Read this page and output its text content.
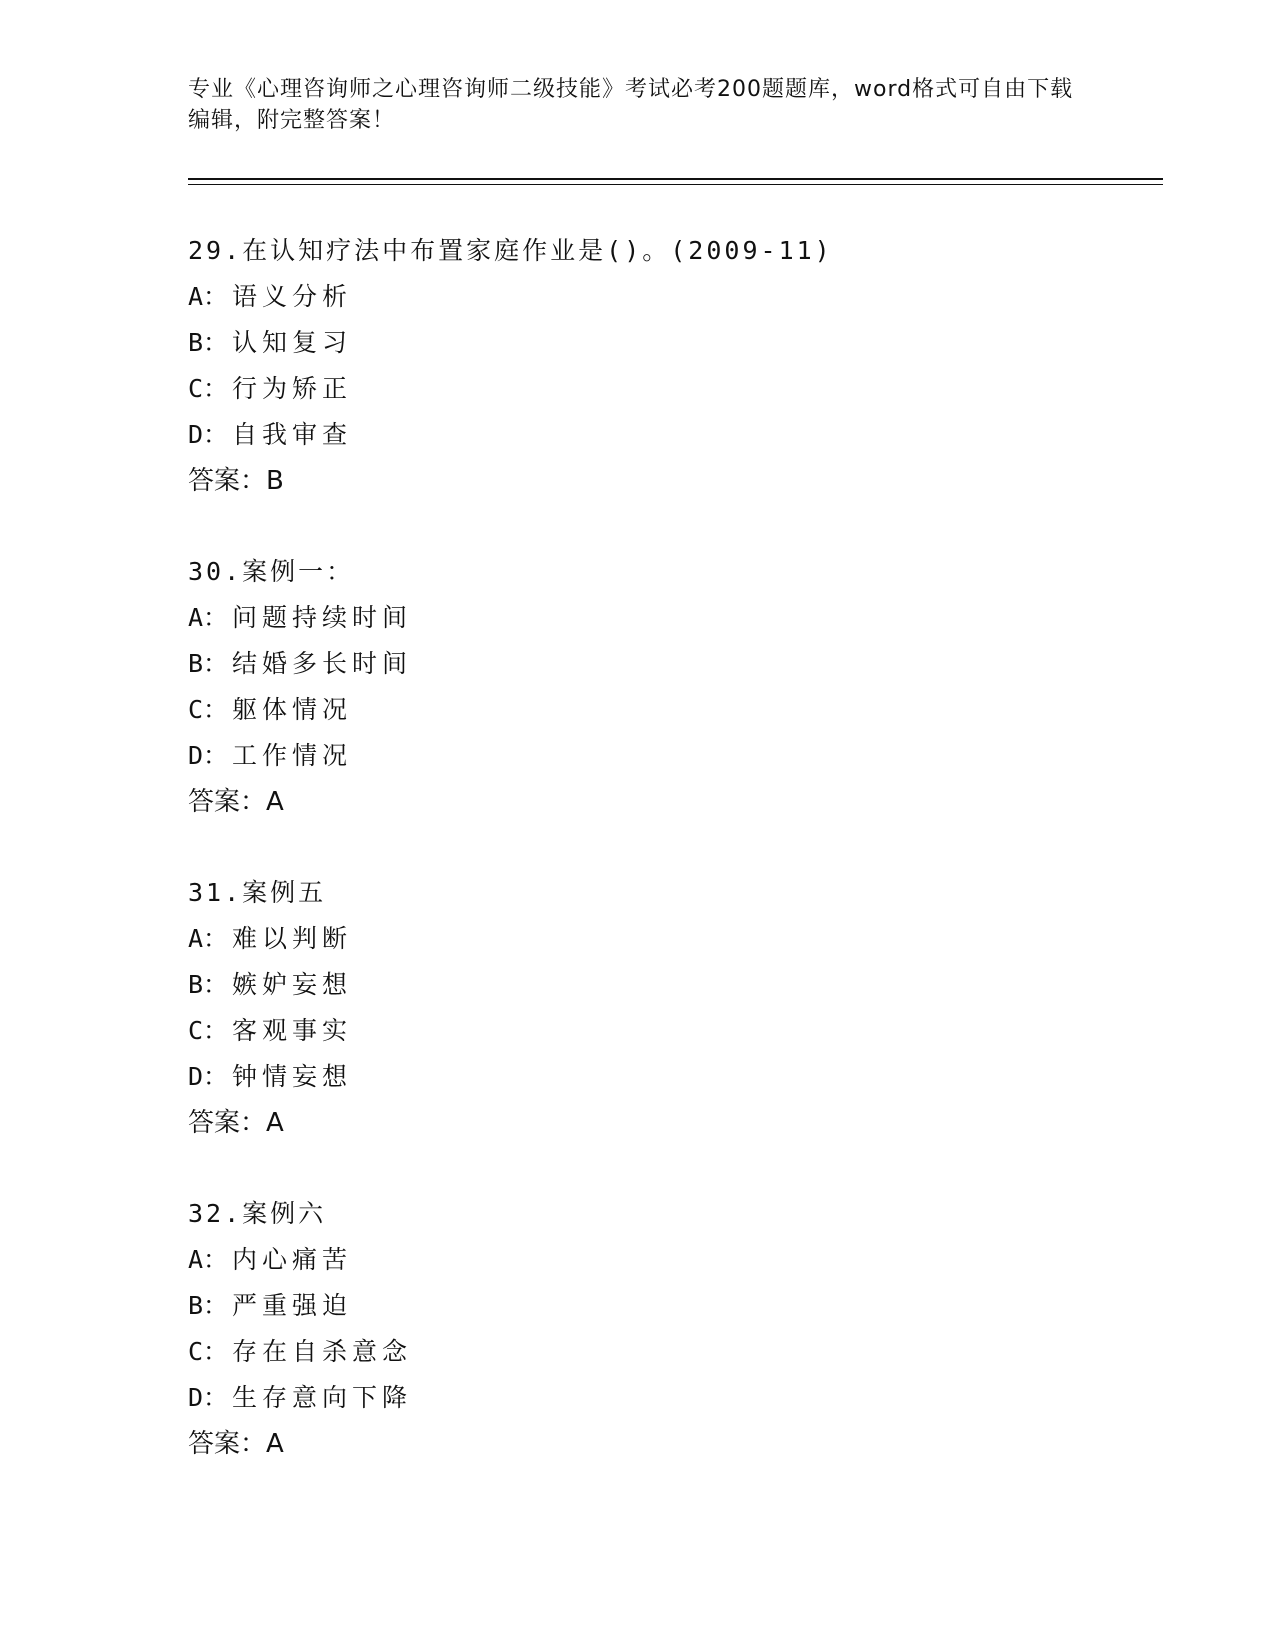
专业《心理咨询师之心理咨询师二级技能》考试必考200题题库，word格式可自由下载编辑，附完整答案！
29.在认知疗法中布置家庭作业是()。(2009-11)
A： 语义分析
B： 认知复习
C： 行为矫正
D： 自我审查
答案：B
30.案例一：
A： 问题持续时间
B： 结婚多长时间
C： 躯体情况
D： 工作情况
答案：A
31.案例五
A： 难以判断
B： 嫉妒妄想
C： 客观事实
D： 钟情妄想
答案：A
32.案例六
A： 内心痛苦
B： 严重强迫
C： 存在自杀意念
D： 生存意向下降
答案：A
